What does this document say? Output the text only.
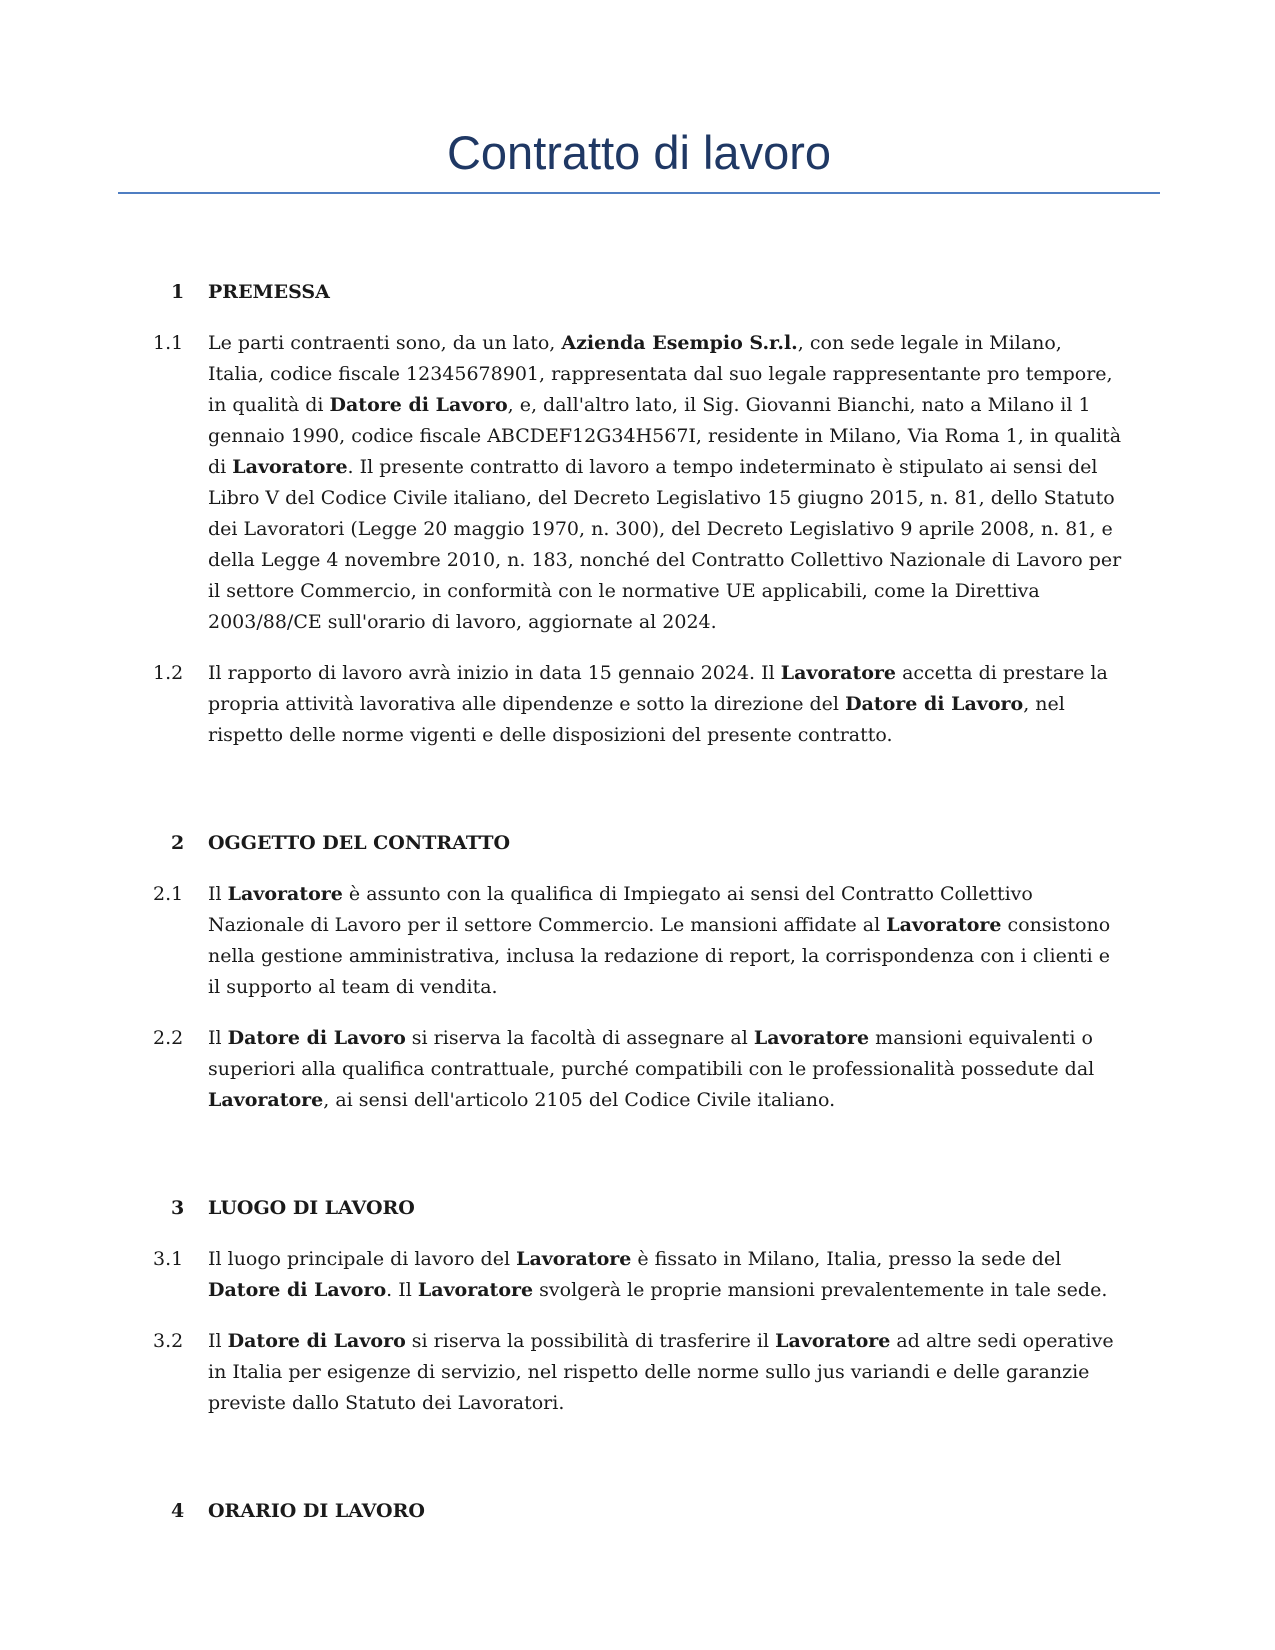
Contratto di lavoro
1 PREMESSA
1.1 Le parti contraenti sono, da un lato, Azienda Esempio S.r.l., con sede legale in Milano, Italia, codice fiscale 12345678901, rappresentata dal suo legale rappresentante pro tempore, in qualità di Datore di Lavoro, e, dall'altro lato, il Sig. Giovanni Bianchi, nato a Milano il 1 gennaio 1990, codice fiscale ABCDEF12G34H567I, residente in Milano, Via Roma 1, in qualità di Lavoratore. Il presente contratto di lavoro a tempo indeterminato è stipulato ai sensi del Libro V del Codice Civile italiano, del Decreto Legislativo 15 giugno 2015, n. 81, dello Statuto dei Lavoratori (Legge 20 maggio 1970, n. 300), del Decreto Legislativo 9 aprile 2008, n. 81, e della Legge 4 novembre 2010, n. 183, nonché del Contratto Collettivo Nazionale di Lavoro per il settore Commercio, in conformità con le normative UE applicabili, come la Direttiva 2003/88/CE sull'orario di lavoro, aggiornate al 2024.
1.2 Il rapporto di lavoro avrà inizio in data 15 gennaio 2024. Il Lavoratore accetta di prestare la propria attività lavorativa alle dipendenze e sotto la direzione del Datore di Lavoro, nel rispetto delle norme vigenti e delle disposizioni del presente contratto.
2 OGGETTO DEL CONTRATTO
2.1 Il Lavoratore è assunto con la qualifica di Impiegato ai sensi del Contratto Collettivo Nazionale di Lavoro per il settore Commercio. Le mansioni affidate al Lavoratore consistono nella gestione amministrativa, inclusa la redazione di report, la corrispondenza con i clienti e il supporto al team di vendita.
2.2 Il Datore di Lavoro si riserva la facoltà di assegnare al Lavoratore mansioni equivalenti o superiori alla qualifica contrattuale, purché compatibili con le professionalità possedute dal Lavoratore, ai sensi dell'articolo 2105 del Codice Civile italiano.
3 LUOGO DI LAVORO
3.1 Il luogo principale di lavoro del Lavoratore è fissato in Milano, Italia, presso la sede del Datore di Lavoro. Il Lavoratore svolgerà le proprie mansioni prevalentemente in tale sede.
3.2 Il Datore di Lavoro si riserva la possibilità di trasferire il Lavoratore ad altre sedi operative in Italia per esigenze di servizio, nel rispetto delle norme sullo jus variandi e delle garanzie previste dallo Statuto dei Lavoratori.
4 ORARIO DI LAVORO
